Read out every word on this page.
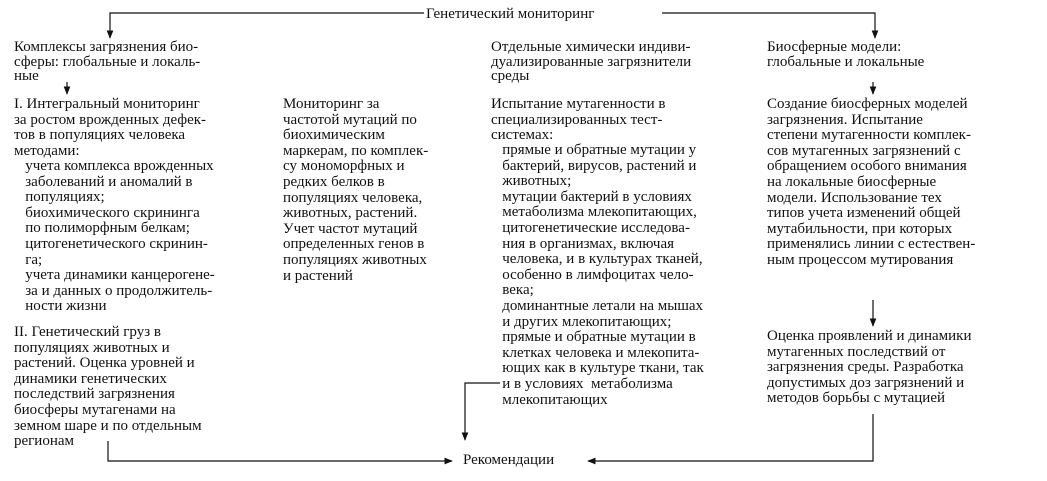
Генетический мониторинг
Комплексы загрязнения био-
сферы: глобальные и локаль-
ные
I. Интегральный мониторинг
за ростом врожденных дефек-
тов в популяциях человека
методами:
учета комплекса врожденных
заболеваний и аномалий в
популяциях;
биохимического скрининга
по полиморфным белкам;
цитогенетического скринин-
га;
учета динамики канцерогене-
за и данных о продолжитель-
ности жизни
II. Генетический груз в
популяциях животных и
растений. Оценка уровней и
динамики генетических
последствий загрязнения
биосферы мутагенами на
земном шаре и по отдельным
регионам
Мониторинг за
частотой мутаций по
биохимическим
маркерам, по комплек-
су мономорфных и
редких белков в
популяциях человека,
животных, растений.
Учет частот мутаций
определенных генов в
популяциях животных
и растений
Отдельные химически индиви-
дуализированные загрязнители
среды
Испытание мутагенности в
специализированных тест-
системах:
прямые и обратные мутации у
бактерий, вирусов, растений и
животных;
мутации бактерий в условиях
метаболизма млекопитающих,
цитогенетические исследова-
ния в организмах, включая
человека, и в культурах тканей,
особенно в лимфоцитах чело-
века;
доминантные летали на мышах
и других млекопитающих;
прямые и обратные мутации в
клетках человека и млекопита-
ющих как в культуре ткани, так
и в условиях  метаболизма
млекопитающих
Биосферные модели:
глобальные и локальные
Создание биосферных моделей
загрязнения. Испытание
степени мутагенности комплек-
сов мутагенных загрязнений с
обращением особого внимания
на локальные биосферные
модели. Использование тех
типов учета изменений общей
мутабильности, при которых
применялись линии с естествен-
ным процессом мутирования
Оценка проявлений и динамики
мутагенных последствий от
загрязнения среды. Разработка
допустимых доз загрязнений и
методов борьбы с мутацией
Рекомендации
